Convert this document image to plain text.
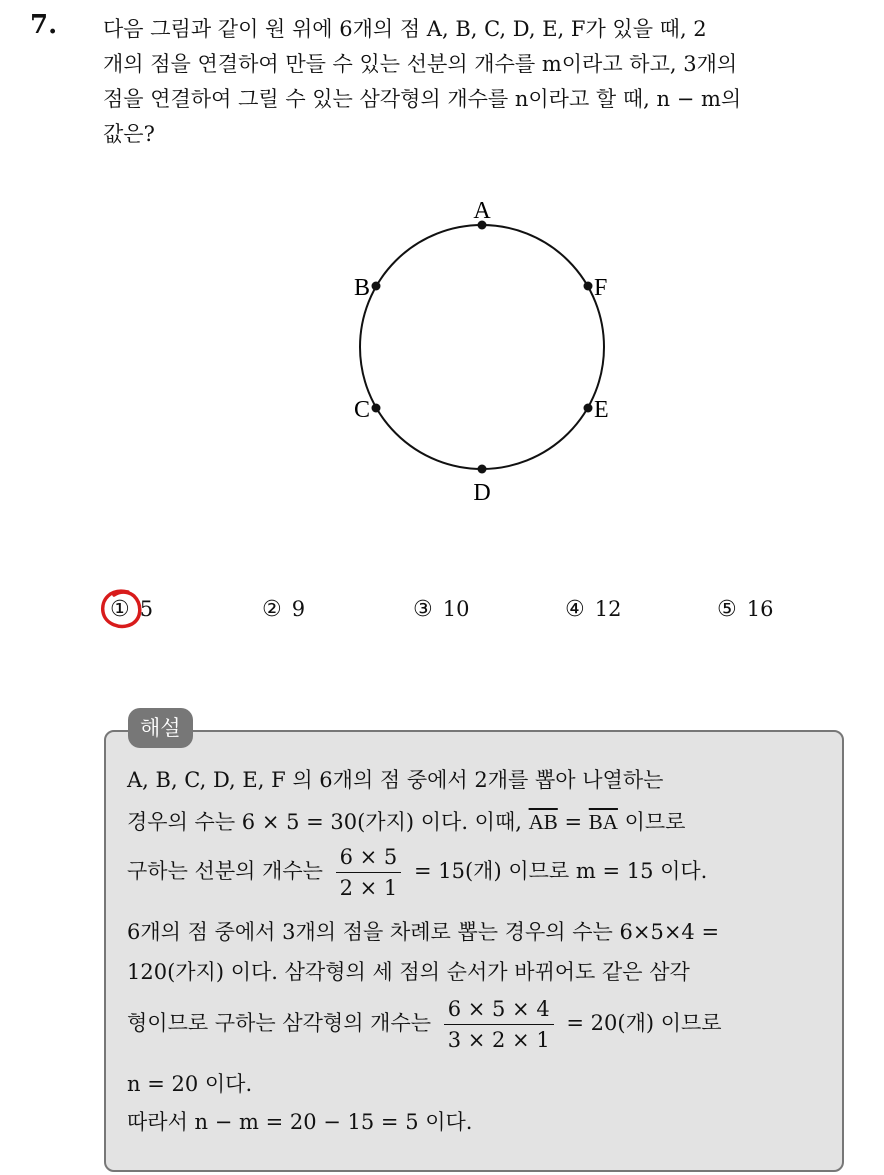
7. 다음 그림과 같이 원 위에 6개의 점 A, B, C, D, E, F가 있을 때, 2
개의 점을 연결하여 만들 수 있는 선분의 개수를 m이라고 하고, 3개의
점을 연결하여 그릴 수 있는 삼각형의 개수를 n이라고 할 때, n − m의
값은?
A
B
C
D
E
F
① 5	② 9	③ 10	④ 12	⑤ 16
해설
A, B, C, D, E, F 의 6개의 점 중에서 2개를 뽑아 나열하는
경우의 수는 6 × 5 = 30(가지) 이다. 이때, $\overline{AB} = \overline{BA}$ 이므로
구하는 선분의 개수는 $\frac{6 \times 5}{2 \times 1} = 15$(개) 이므로 m = 15 이다.
6개의 점 중에서 3개의 점을 차례로 뽑는 경우의 수는 6×5×4 =
120(가지) 이다. 삼각형의 세 점의 순서가 바뀌어도 같은 삼각
형이므로 구하는 삼각형의 개수는 $\frac{6 \times 5 \times 4}{3 \times 2 \times 1} = 20$(개) 이므로
n = 20 이다.
따라서 n − m = 20 − 15 = 5 이다.
